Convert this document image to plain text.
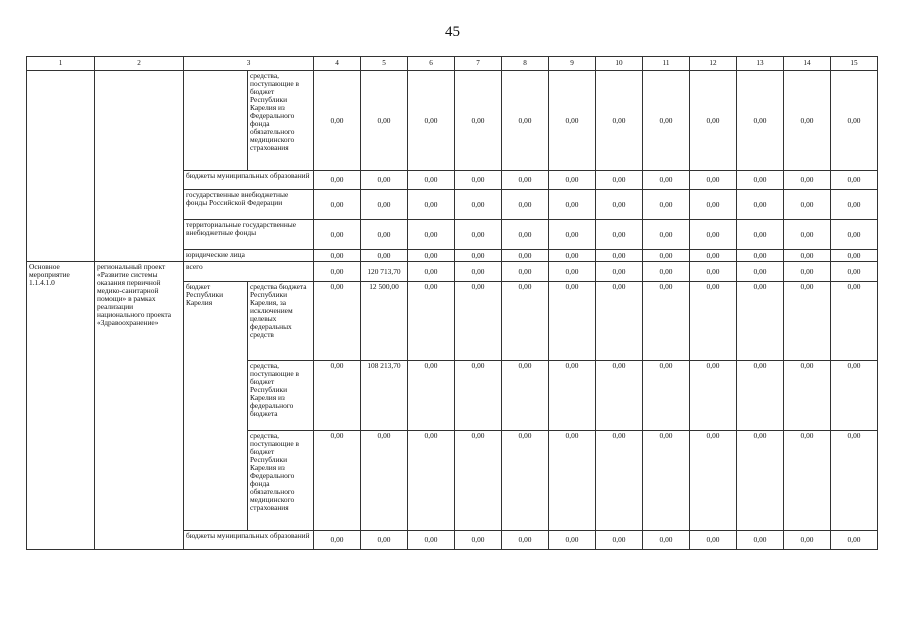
45
1	2	3		4	5	6	7	8	9	10	11	12	13	14	15
			средства, поступающие в бюджет Республики Карелия из Федерального фонда обязательного медицинского страхования	0,00	0,00	0,00	0,00	0,00	0,00	0,00	0,00	0,00	0,00	0,00	0,00
		бюджеты муниципальных образований		0,00	0,00	0,00	0,00	0,00	0,00	0,00	0,00	0,00	0,00	0,00	0,00
		государственные внебюджетные фонды Российской Федерации		0,00	0,00	0,00	0,00	0,00	0,00	0,00	0,00	0,00	0,00	0,00	0,00
		территориальные государственные внебюджетные фонды		0,00	0,00	0,00	0,00	0,00	0,00	0,00	0,00	0,00	0,00	0,00	0,00
		юридические лица		0,00	0,00	0,00	0,00	0,00	0,00	0,00	0,00	0,00	0,00	0,00	0,00
Основное мероприятие 1.1.4.1.0	региональный проект «Развитие системы оказания первичной медико-санитарной помощи» в рамках реализации национального проекта «Здравоохранение»	всего		0,00	120 713,70	0,00	0,00	0,00	0,00	0,00	0,00	0,00	0,00	0,00	0,00
		бюджет Республики Карелия	средства бюджета Республики Карелия, за исключением целевых федеральных средств	0,00	12 500,00	0,00	0,00	0,00	0,00	0,00	0,00	0,00	0,00	0,00	0,00
			средства, поступающие в бюджет Республики Карелия из федерального бюджета	0,00	108 213,70	0,00	0,00	0,00	0,00	0,00	0,00	0,00	0,00	0,00	0,00
			средства, поступающие в бюджет Республики Карелия из Федерального фонда обязательного медицинского страхования	0,00	0,00	0,00	0,00	0,00	0,00	0,00	0,00	0,00	0,00	0,00	0,00
		бюджеты муниципальных образований		0,00	0,00	0,00	0,00	0,00	0,00	0,00	0,00	0,00	0,00	0,00	0,00
